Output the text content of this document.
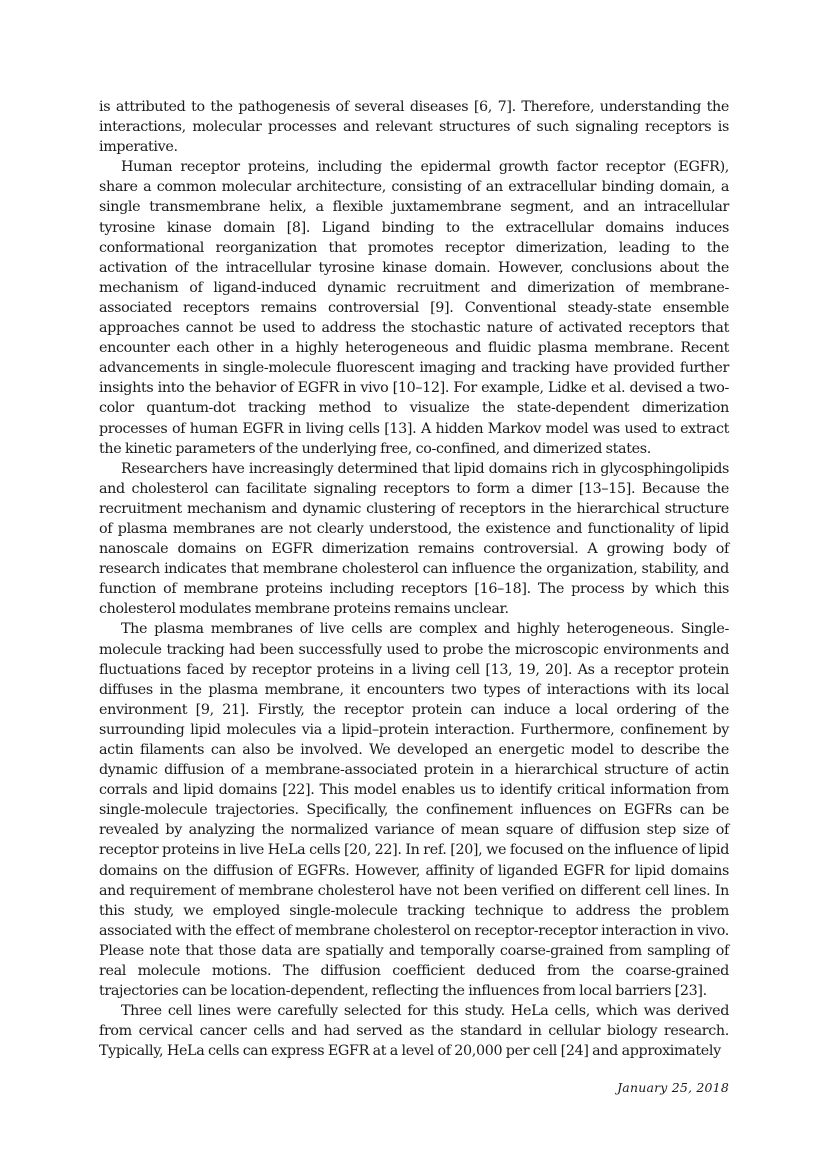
is attributed to the pathogenesis of several diseases [6, 7]. Therefore, understanding the interactions, molecular processes and relevant structures of such signaling receptors is imperative.

Human receptor proteins, including the epidermal growth factor receptor (EGFR), share a common molecular architecture, consisting of an extracellular binding domain, a single transmembrane helix, a flexible juxtamembrane segment, and an intracellular tyrosine kinase domain [8]. Ligand binding to the extracellular domains induces conformational reorganization that promotes receptor dimerization, leading to the activation of the intracellular tyrosine kinase domain. However, conclusions about the mechanism of ligand-induced dynamic recruitment and dimerization of membrane-associated receptors remains controversial [9]. Conventional steady-state ensemble approaches cannot be used to address the stochastic nature of activated receptors that encounter each other in a highly heterogeneous and fluidic plasma membrane. Recent advancements in single-molecule fluorescent imaging and tracking have provided further insights into the behavior of EGFR in vivo [10–12]. For example, Lidke et al. devised a two-color quantum-dot tracking method to visualize the state-dependent dimerization processes of human EGFR in living cells [13]. A hidden Markov model was used to extract the kinetic parameters of the underlying free, co-confined, and dimerized states.

Researchers have increasingly determined that lipid domains rich in glycosphingolipids and cholesterol can facilitate signaling receptors to form a dimer [13–15]. Because the recruitment mechanism and dynamic clustering of receptors in the hierarchical structure of plasma membranes are not clearly understood, the existence and functionality of lipid nanoscale domains on EGFR dimerization remains controversial. A growing body of research indicates that membrane cholesterol can influence the organization, stability, and function of membrane proteins including receptors [16–18]. The process by which this cholesterol modulates membrane proteins remains unclear.

The plasma membranes of live cells are complex and highly heterogeneous. Single-molecule tracking had been successfully used to probe the microscopic environments and fluctuations faced by receptor proteins in a living cell [13, 19, 20]. As a receptor protein diffuses in the plasma membrane, it encounters two types of interactions with its local environment [9, 21]. Firstly, the receptor protein can induce a local ordering of the surrounding lipid molecules via a lipid–protein interaction. Furthermore, confinement by actin filaments can also be involved. We developed an energetic model to describe the dynamic diffusion of a membrane-associated protein in a hierarchical structure of actin corrals and lipid domains [22]. This model enables us to identify critical information from single-molecule trajectories. Specifically, the confinement influences on EGFRs can be revealed by analyzing the normalized variance of mean square of diffusion step size of receptor proteins in live HeLa cells [20, 22]. In ref. [20], we focused on the influence of lipid domains on the diffusion of EGFRs. However, affinity of liganded EGFR for lipid domains and requirement of membrane cholesterol have not been verified on different cell lines. In this study, we employed single-molecule tracking technique to address the problem associated with the effect of membrane cholesterol on receptor-receptor interaction in vivo. Please note that those data are spatially and temporally coarse-grained from sampling of real molecule motions. The diffusion coefficient deduced from the coarse-grained trajectories can be location-dependent, reflecting the influences from local barriers [23].

Three cell lines were carefully selected for this study. HeLa cells, which was derived from cervical cancer cells and had served as the standard in cellular biology research. Typically, HeLa cells can express EGFR at a level of 20,000 per cell [24] and approximately

January 25, 2018
